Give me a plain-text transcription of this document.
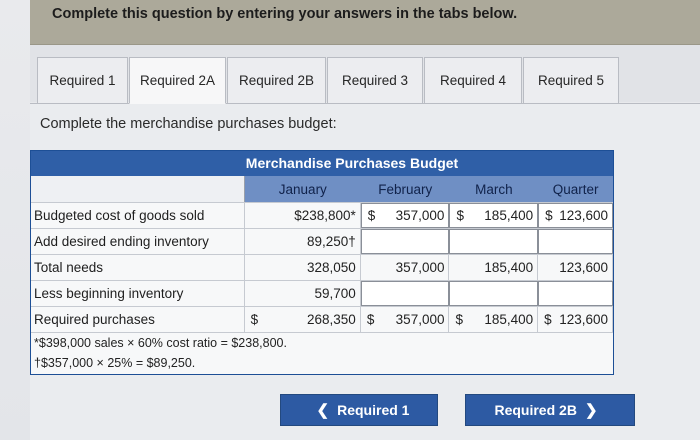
Complete this question by entering your answers in the tabs below.
Required 1 Required 2A Required 2B Required 3 Required 4 Required 5
Complete the merchandise purchases budget:
Merchandise Purchases Budget
January	February	March	Quarter
Budgeted cost of goods sold	$238,800* $ 357,000 $ 185,400 $ 123,600
Add desired ending inventory	89,250†
Total needs	328,050	357,000	185,400 123,600
Less beginning inventory	59,700
Required purchases	$	268,350 $ 357,000 $ 185,400 $ 123,600
*$398,000 sales × 60% cost ratio = $238,800.
†$357,000 × 25% = $89,250.
❮ Required 1	Required 2B ❯
